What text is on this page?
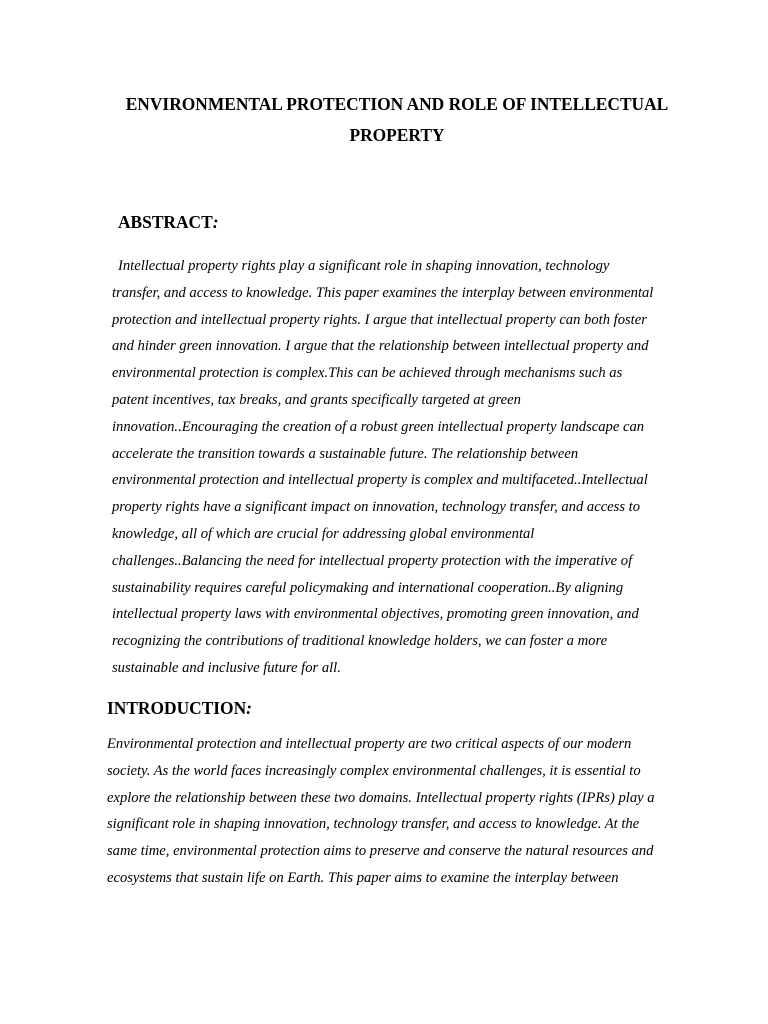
ENVIRONMENTAL PROTECTION AND ROLE OF INTELLECTUAL
PROPERTY
ABSTRACT:
Intellectual property rights play a significant role in shaping innovation, technology
transfer, and access to knowledge. This paper examines the interplay between environmental
protection and intellectual property rights. I argue that intellectual property can both foster
and hinder green innovation. I argue that the relationship between intellectual property and
environmental protection is complex.This can be achieved through mechanisms such as
patent incentives, tax breaks, and grants specifically targeted at green
innovation..Encouraging the creation of a robust green intellectual property landscape can
accelerate the transition towards a sustainable future. The relationship between
environmental protection and intellectual property is complex and multifaceted..Intellectual
property rights have a significant impact on innovation, technology transfer, and access to
knowledge, all of which are crucial for addressing global environmental
challenges..Balancing the need for intellectual property protection with the imperative of
sustainability requires careful policymaking and international cooperation..By aligning
intellectual property laws with environmental objectives, promoting green innovation, and
recognizing the contributions of traditional knowledge holders, we can foster a more
sustainable and inclusive future for all.
INTRODUCTION:
Environmental protection and intellectual property are two critical aspects of our modern
society. As the world faces increasingly complex environmental challenges, it is essential to
explore the relationship between these two domains. Intellectual property rights (IPRs) play a
significant role in shaping innovation, technology transfer, and access to knowledge. At the
same time, environmental protection aims to preserve and conserve the natural resources and
ecosystems that sustain life on Earth. This paper aims to examine the interplay between
